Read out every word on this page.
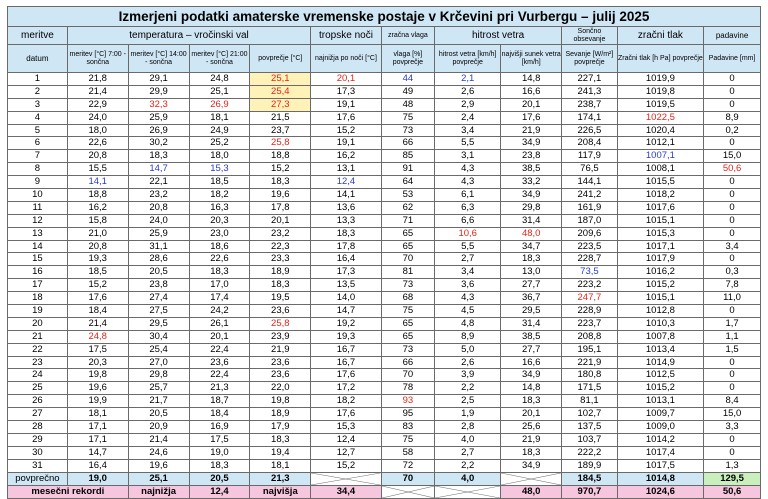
Izmerjeni podatki amaterske vremenske postaje v Krčevini pri Vurbergu – julij 2025											
meritve	temperatura – vročinski val				tropske noči	zračna vlaga	hitrost vetra		Sončno obsevanje	zračni tlak	padavine
datum	meritev [°C] 7:00 - sončna	meritev [°C] 14:00 - sončna	meritev [°C] 21:00 - sončna	povprečje [°C]	najnižja po noči [°C]	vlaga [%] povprečje	hitrost vetra [km/h] povprečje	najvišji sunek vetra [km/h]	Sevanje [W/m²] povprečje	Zračni tlak [h Pa] povprečje	Padavine [mm]
1	21,8	29,1	24,8	25,1	20,1	44	2,1	14,8	227,1	1019,9	0
2	21,4	29,9	25,1	25,4	17,3	49	2,6	16,6	241,3	1019,8	0
3	22,9	32,3	26,9	27,3	19,1	48	2,9	20,1	238,7	1019,5	0
4	24,0	25,9	18,1	21,5	17,6	75	2,4	17,6	174,1	1022,5	8,9
5	18,0	26,9	24,9	23,7	15,2	73	3,4	21,9	226,5	1020,4	0,2
6	22,6	30,2	25,2	25,8	19,1	66	5,5	34,9	208,4	1012,1	0
7	20,8	18,3	18,0	18,8	16,2	85	3,1	23,8	117,9	1007,1	15,0
8	15,5	14,7	15,3	15,2	13,1	91	4,3	38,5	76,5	1008,1	50,6
9	14,1	22,1	18,5	18,3	12,4	64	4,3	33,2	144,1	1015,5	0
10	18,8	23,2	18,2	19,6	14,1	53	6,1	34,9	241,2	1018,2	0
11	16,2	20,8	16,3	17,8	13,6	62	6,3	29,8	161,9	1017,6	0
12	15,8	24,0	20,3	20,1	13,3	71	6,6	31,4	187,0	1015,1	0
13	21,0	25,9	23,0	23,2	18,3	65	10,6	48,0	209,6	1015,3	0
14	20,8	31,1	18,6	22,3	17,8	65	5,5	34,7	223,5	1017,1	3,4
15	19,3	28,6	22,6	23,3	16,4	70	2,7	18,3	228,7	1017,9	0
16	18,5	20,5	18,3	18,9	17,3	81	3,4	13,0	73,5	1016,2	0,3
17	15,2	23,8	17,0	18,3	13,5	73	3,6	27,7	223,2	1015,2	7,8
18	17,6	27,4	17,4	19,5	14,0	68	4,3	36,7	247,7	1015,1	11,0
19	18,4	27,5	24,2	23,6	14,7	75	4,5	29,5	228,9	1012,8	0
20	21,4	29,5	26,1	25,8	19,2	65	4,8	31,4	223,7	1010,3	1,7
21	24,8	30,4	20,1	23,9	19,3	65	8,9	38,5	208,8	1007,8	1,1
22	17,5	25,4	22,4	21,9	16,7	73	5,0	27,7	195,1	1013,4	1,5
23	20,3	27,0	23,6	23,6	16,7	66	2,6	16,6	221,9	1014,9	0
24	19,8	29,8	22,4	23,6	17,6	70	3,9	34,9	180,8	1012,5	0
25	19,6	25,7	21,3	22,0	17,2	78	2,2	14,8	171,5	1015,2	0
26	19,9	21,7	18,7	19,8	18,2	93	2,5	18,3	81,1	1013,1	8,4
27	18,1	20,5	18,4	18,9	17,6	95	1,9	20,1	102,7	1009,7	15,0
28	17,1	20,9	16,9	17,9	15,3	83	2,8	25,6	137,5	1009,0	3,3
29	17,1	21,4	17,5	18,3	12,4	75	4,0	21,9	103,7	1014,2	0
30	14,7	24,6	19,0	19,4	12,7	58	2,7	18,3	222,2	1017,4	0
31	16,4	19,6	18,3	18,1	15,2	72	2,2	34,9	189,9	1017,5	1,3
povprečno	19,0	25,1	20,5	21,3		70	4,0		184,5	1014,8	129,5
mesečni rekordi		najnižja	12,4	najvišja	34,4			48,0	970,7	1024,6	50,6
